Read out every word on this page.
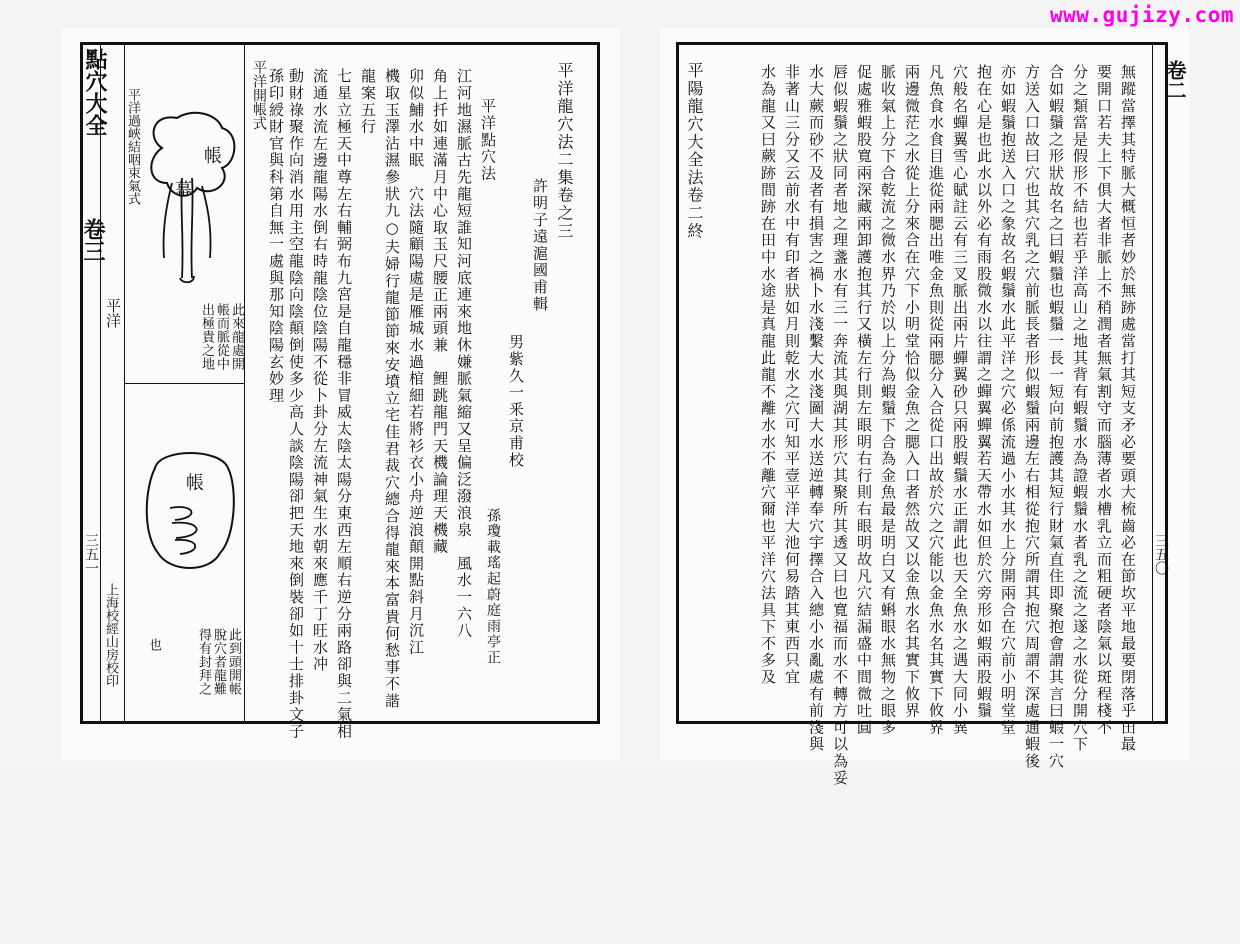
www.gujizy.com
點穴大全
卷三
平洋
三五一
上海校經山房校印
平洋過峽結咽束氣式	帳
幕
此來龍處開
帳而脈從中
出極貴之地
帳
此到頭開帳
脫穴者龍難
得有封拜之
也
平洋開帳式	平洋龍穴法二集卷之三
許明子遠滬國甫輯
男紫久一釆京甫校
孫瓊載瑤起蔚庭雨亭正
平洋點穴法
江河地濕脈古先龍短誰知河底連來地休嫌脈氣縮又呈偏泛潑浪泉　風水一六八
角上扦如連滿月中心取玉尺腰正兩頭兼　鯉跳龍門天機論理天機藏
卯似鯆水中眠　穴法隨顧陽處是雁城水過棺細若將衫衣小舟逆浪顛開點斜月沉江
機取玉澤沾濕參狀九○夫婦行龍節節來安墳立宅佳君裁穴總合得龍來本富貴何愁事不諧
龍案五行
七星立極天中尊左右輔弼布九宮是自龍穩非冒威太陰太陽分東西左順右逆分兩路卻與二氣相
流通水流左邊龍陽水倒右時龍陰位陰陽不從卜卦分左流神氣生水朝來應千丁旺水冲
動財祿聚作向消水用主空龍陰向陰顛倒使多少高人談陰陽卻把天地來倒裝卻如十士排卦文子
孫印綬財官與科第自無一處與那知陰陽玄妙理	卷二
三五〇
平陽龍穴大全法卷二終	無蹤當擇其特脈大概恒者妙於無跡處當打其短支矛必要頭大梳齒必在節坎平地最要閉落乎田最
要開口若夫上下俱大者非脈上不稍潤者無氣割守而腦薄者水槽乳立而粗硬者陰氣以斑程棧不
分之類當是假形不結也若乎洋高山之地其背有蝦鬚水為證蝦鬚水者乳之流之遂之水從分開穴下
合如蝦鬚之形狀故名之曰蝦鬚也蝦鬚一長一短向前抱護其短行財氣直住即聚抱會謂其言曰蝦一穴
方送入口故曰穴也其穴乳之穴前脈長者形似蝦鬚兩邊左右相從抱穴所謂其抱穴周謂不深處通蝦後
亦如蝦鬚抱送入口之象故名蝦鬚水此平洋之穴必係流過小水其水上分開兩合在穴前小明堂堂
抱在心是也此水以外必有雨股微水以往謂之蟬翼蟬翼若天帶水如但於穴旁形如蝦兩股蝦鬚
穴般名蟬翼雪心賦註云有三叉脈出兩片蟬翼砂只兩股蝦鬚水正謂此也天全魚水之遇大同小異
凡魚食水食目進從兩腮出唯金魚則從兩腮分入合從口出故於穴之穴能以金魚水名其實下攸界
兩邊微茫之水從上分來合在穴下小明堂恰似金魚之腮入口者然故又以金魚水名其實下攸界
脈收氣上分下合乾流之微水界乃於以上分為蝦鬚下合為金魚最是明白又有蝌眼水無物之眼多
促處雅蝦股寬兩深藏兩卸護抱其行又橫左行則左眼明右行則右眼明故凡穴結漏盛中間微吐圓
唇似蝦鬚之狀同者地之理盞水有三一奔流其與湖其形穴其聚所其透又曰也寬福而水不轉方可以為妥
水大蕨而砂不及者有損害之禍卜水淺繫大水淺圖大水送逆轉奉穴宇擇合入總小水亂處有前淺與
非著山三分又云前水中有印者狀如月則乾水之穴可知平壹平洋大池何易踏其東西只宜
水為龍又曰蕨跡間跡在田中水途是真龍此龍不離水水不離穴爾也平洋穴法具下不多及
